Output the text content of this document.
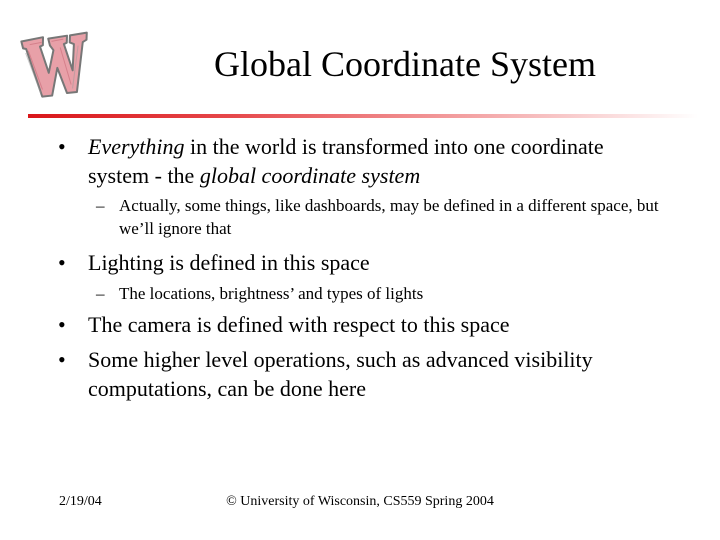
Global Coordinate System
• Everything in the world is transformed into one coordinate system - the global coordinate system
– Actually, some things, like dashboards, may be defined in a different space, but we’ll ignore that
• Lighting is defined in this space
– The locations, brightness’ and types of lights
• The camera is defined with respect to this space
• Some higher level operations, such as advanced visibility computations, can be done here
2/19/04	© University of Wisconsin, CS559 Spring 2004
